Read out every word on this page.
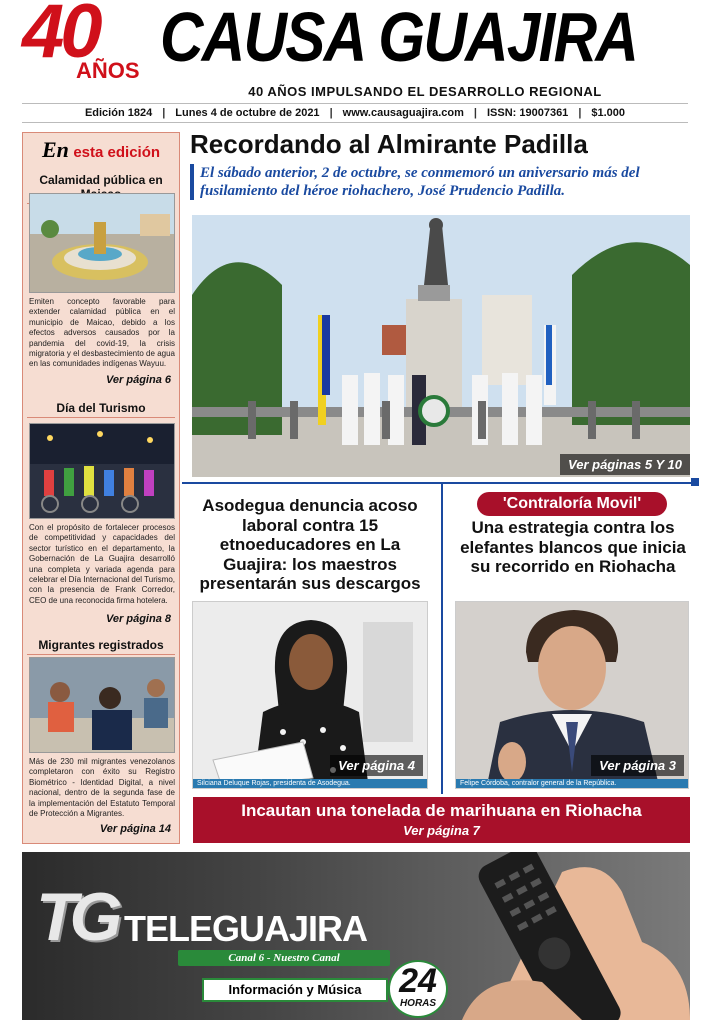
40
AÑOS CAUSA GUAJIRA
40 AÑOS IMPULSANDO EL DESARROLLO REGIONAL
Edición 1824 | Lunes 4 de octubre de 2021 | www.causaguajira.com | ISSN: 19007361 | $1.000
En esta edición
Calamidad pública en
Emiten concepto favorable para extender calamidad pública en el municipio de Maicao, debido a los efectos adversos causados por la pandemia del covid-19, la crisis migratoria y el desbastecimiento de agua en las comunidades indígenas Wayuu.
Ver página 6
Día del Turismo
Con el propósito de fortalecer procesos de competitividad y capacidades del sector turístico en el departamento, la Gobernación de La Guajira desarrolló una completa y variada agenda para celebrar el Día Internacional del Turismo, con la presencia de Frank Corredor, CEO de una reconocida firma hotelera.
Ver página 8
Migrantes registrados
Más de 230 mil migrantes venezolanos completaron con éxito su Registro Biométrico - Identidad Digital, a nivel nacional, dentro de la segunda fase de la implementación del Estatuto Temporal de Protección a Migrantes.
Ver página 14
Recordando al Almirante Padilla
El sábado anterior, 2 de octubre, se conmemoró un aniversario más del fusilamiento del héroe riohachero, José Prudencio Padilla.
Ver páginas 5 Y 10
Asodegua denuncia acoso laboral contra 15 etnoeducadores en La Guajira: los maestros presentarán sus descargos
Ver página 4
Silciana Deluque Rojas, presidenta de Asodegua.
'Contraloría Movil'
Una estrategia contra los elefantes blancos que inicia su recorrido en Riohacha
Ver página 3
Felipe Córdoba, contralor general de la República.
Incautan una tonelada de marihuana en Riohacha
Ver página 7
TG TELEGUAJIRA
Canal 6 - Nuestro Canal
Información y Música	24
HORAS
